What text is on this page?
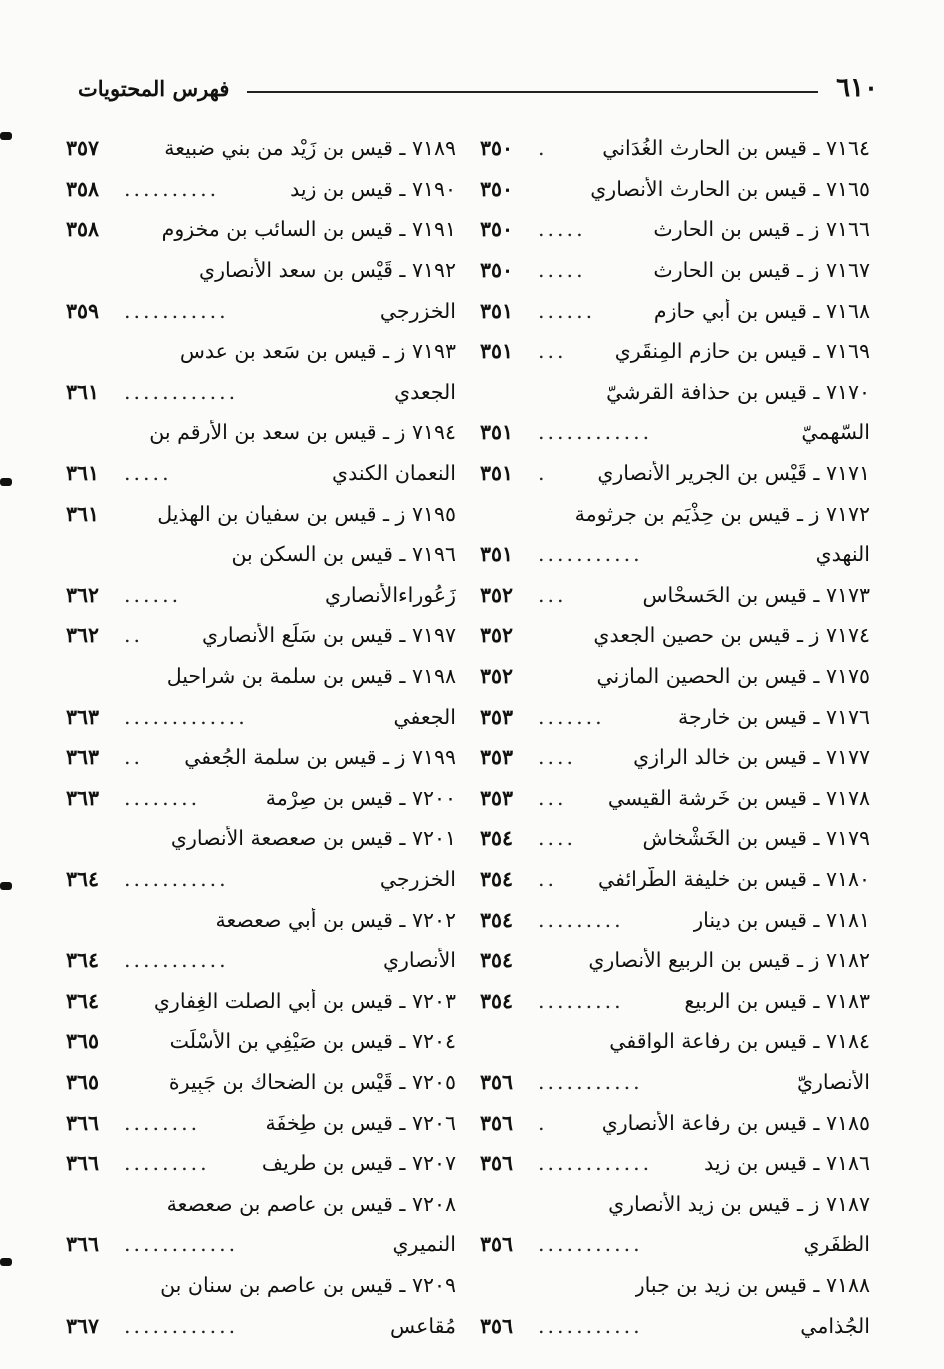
٦١٠
فهرس المحتويات
٧١٦٤ ـ قيس بن الحارث الغُدَاني
.
٣٥٠
٧١٦٥ ـ قيس بن الحارث الأنصاري
٣٥٠
٧١٦٦ ز ـ قيس بن الحارث
.....
٣٥٠
٧١٦٧ ز ـ قيس بن الحارث
.....
٣٥٠
٧١٦٨ ـ قيس بن أبي حازم
......
٣٥١
٧١٦٩ ـ قيس بن حازم المِنقَري
...
٣٥١
٧١٧٠ ـ قيس بن حذافة القرشيّ
السّهميّ
............
٣٥١
٧١٧١ ـ قَيْس بن الجرير الأنصاري
.
٣٥١
٧١٧٢ ز ـ قيس بن حِذْيَم بن جرثومة
النهدي
...........
٣٥١
٧١٧٣ ـ قيس بن الحَسحْاس
...
٣٥٢
٧١٧٤ ز ـ قيس بن حصين الجعدي
٣٥٢
٧١٧٥ ـ قيس بن الحصين المازني
٣٥٢
٧١٧٦ ـ قيس بن خارجة
.......
٣٥٣
٧١٧٧ ـ قيس بن خالد الرازي
....
٣٥٣
٧١٧٨ ـ قيس بن خَرشة القيسي
...
٣٥٣
٧١٧٩ ـ قيس بن الخَشْخاش
....
٣٥٤
٧١٨٠ ـ قيس بن خليفة الطّرائفي
..
٣٥٤
٧١٨١ ـ قيس بن دينار
.........
٣٥٤
٧١٨٢ ز ـ قيس بن الربيع الأنصاري
٣٥٤
٧١٨٣ ـ قيس بن الربيع
.........
٣٥٤
٧١٨٤ ـ قيس بن رفاعة الواقفي
الأنصاريّ
...........
٣٥٦
٧١٨٥ ـ قيس بن رفاعة الأنصاري
.
٣٥٦
٧١٨٦ ـ قيس بن زيد
............
٣٥٦
٧١٨٧ ز ـ قيس بن زيد الأنصاري
الظفَري
...........
٣٥٦
٧١٨٨ ـ قيس بن زيد بن جبار
الجُذامي
...........
٣٥٦
٧١٨٩ ـ قيس بن زَيْد من بني ضبيعة
٣٥٧
٧١٩٠ ـ قيس بن زيد
..........
٣٥٨
٧١٩١ ـ قيس بن السائب بن مخزوم
٣٥٨
٧١٩٢ ـ قَيْس بن سعد الأنصاري
الخزرجي
...........
٣٥٩
٧١٩٣ ز ـ قيس بن سَعد بن عدس
الجعدي
............
٣٦١
٧١٩٤ ز ـ قيس بن سعد بن الأرقم بن
النعمان الكندي
.....
٣٦١
٧١٩٥ ز ـ قيس بن سفيان بن الهذيل
٣٦١
٧١٩٦ ـ قيس بن السكن بن
زَعُوراءالأنصاري
......
٣٦٢
٧١٩٧ ـ قيس بن سَلَع الأنصاري
..
٣٦٢
٧١٩٨ ـ قيس بن سلمة بن شراحيل
الجعفي
.............
٣٦٣
٧١٩٩ ز ـ قيس بن سلمة الجُعفي
..
٣٦٣
٧٢٠٠ ـ قيس بن صِرْمة
........
٣٦٣
٧٢٠١ ـ قيس بن صعصعة الأنصاري
الخزرجي
...........
٣٦٤
٧٢٠٢ ـ قيس بن أبي صعصعة
الأنصاري
...........
٣٦٤
٧٢٠٣ ـ قيس بن أبي الصلت الغِفاري
٣٦٤
٧٢٠٤ ـ قيس بن صَيْفِي بن الأسْلَت
٣٦٥
٧٢٠٥ ـ قَيْس بن الضحاك بن جَبِيرة
٣٦٥
٧٢٠٦ ـ قيس بن طِخفَة
........
٣٦٦
٧٢٠٧ ـ قيس بن طريف
.........
٣٦٦
٧٢٠٨ ـ قيس بن عاصم بن صعصعة
النميري
............
٣٦٦
٧٢٠٩ ـ قيس بن عاصم بن سنان بن
مُقاعس
............
٣٦٧
